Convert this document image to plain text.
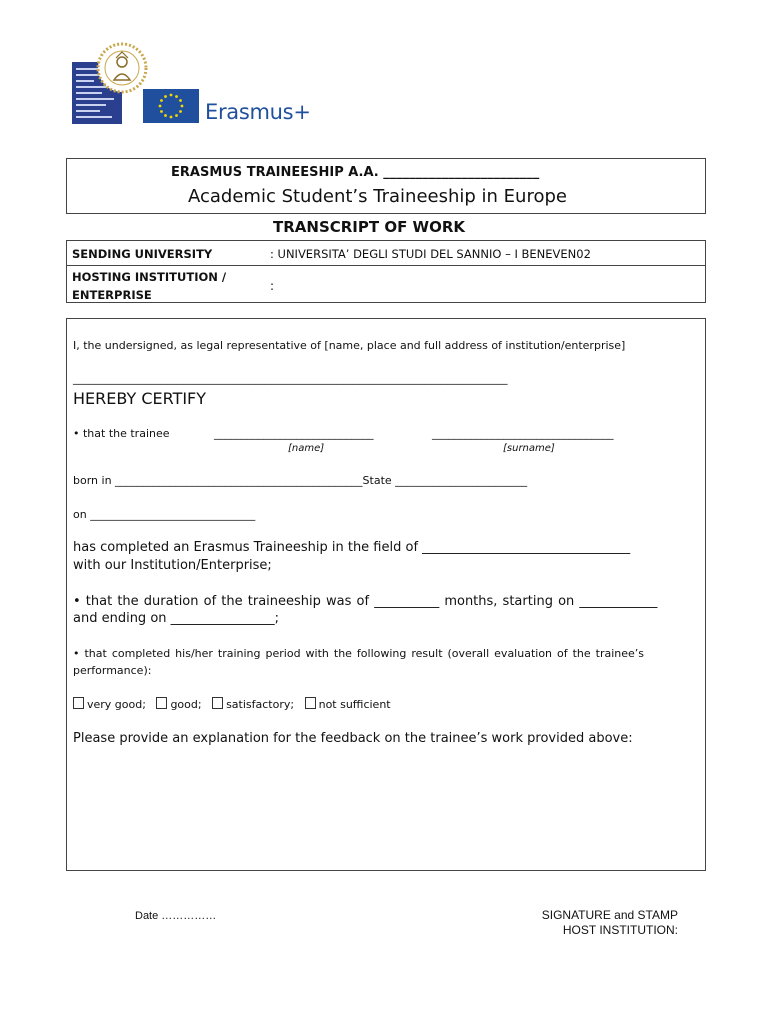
Erasmus+
ERASMUS TRAINEESHIP A.A. ________________________
Academic Student’s Traineeship in Europe
TRANSCRIPT OF WORK
SENDING UNIVERSITY	: UNIVERSITA’ DEGLI STUDI DEL SANNIO – I BENEVEN02
HOSTING INSTITUTION /
ENTERPRISE
:
I, the undersigned, as legal representative of [name, place and full address of institution/enterprise]
_______________________________________________________________________________
HEREBY CERTIFY
• that the trainee	_____________________________	_________________________________
[name]	[surname]
born in _____________________________________________State ________________________
on ______________________________
has completed an Erasmus Traineeship in the field of ________________________________
with our Institution/Enterprise;
• that the duration of the traineeship was of __________ months, starting on ____________
and ending on ________________;
• that completed his/her training period with the following result (overall evaluation of the trainee’s
performance):
very good; good; satisfactory; not sufficient
Please provide an explanation for the feedback on the trainee’s work provided above:
Date ……………	SIGNATURE and STAMP
HOST INSTITUTION:
